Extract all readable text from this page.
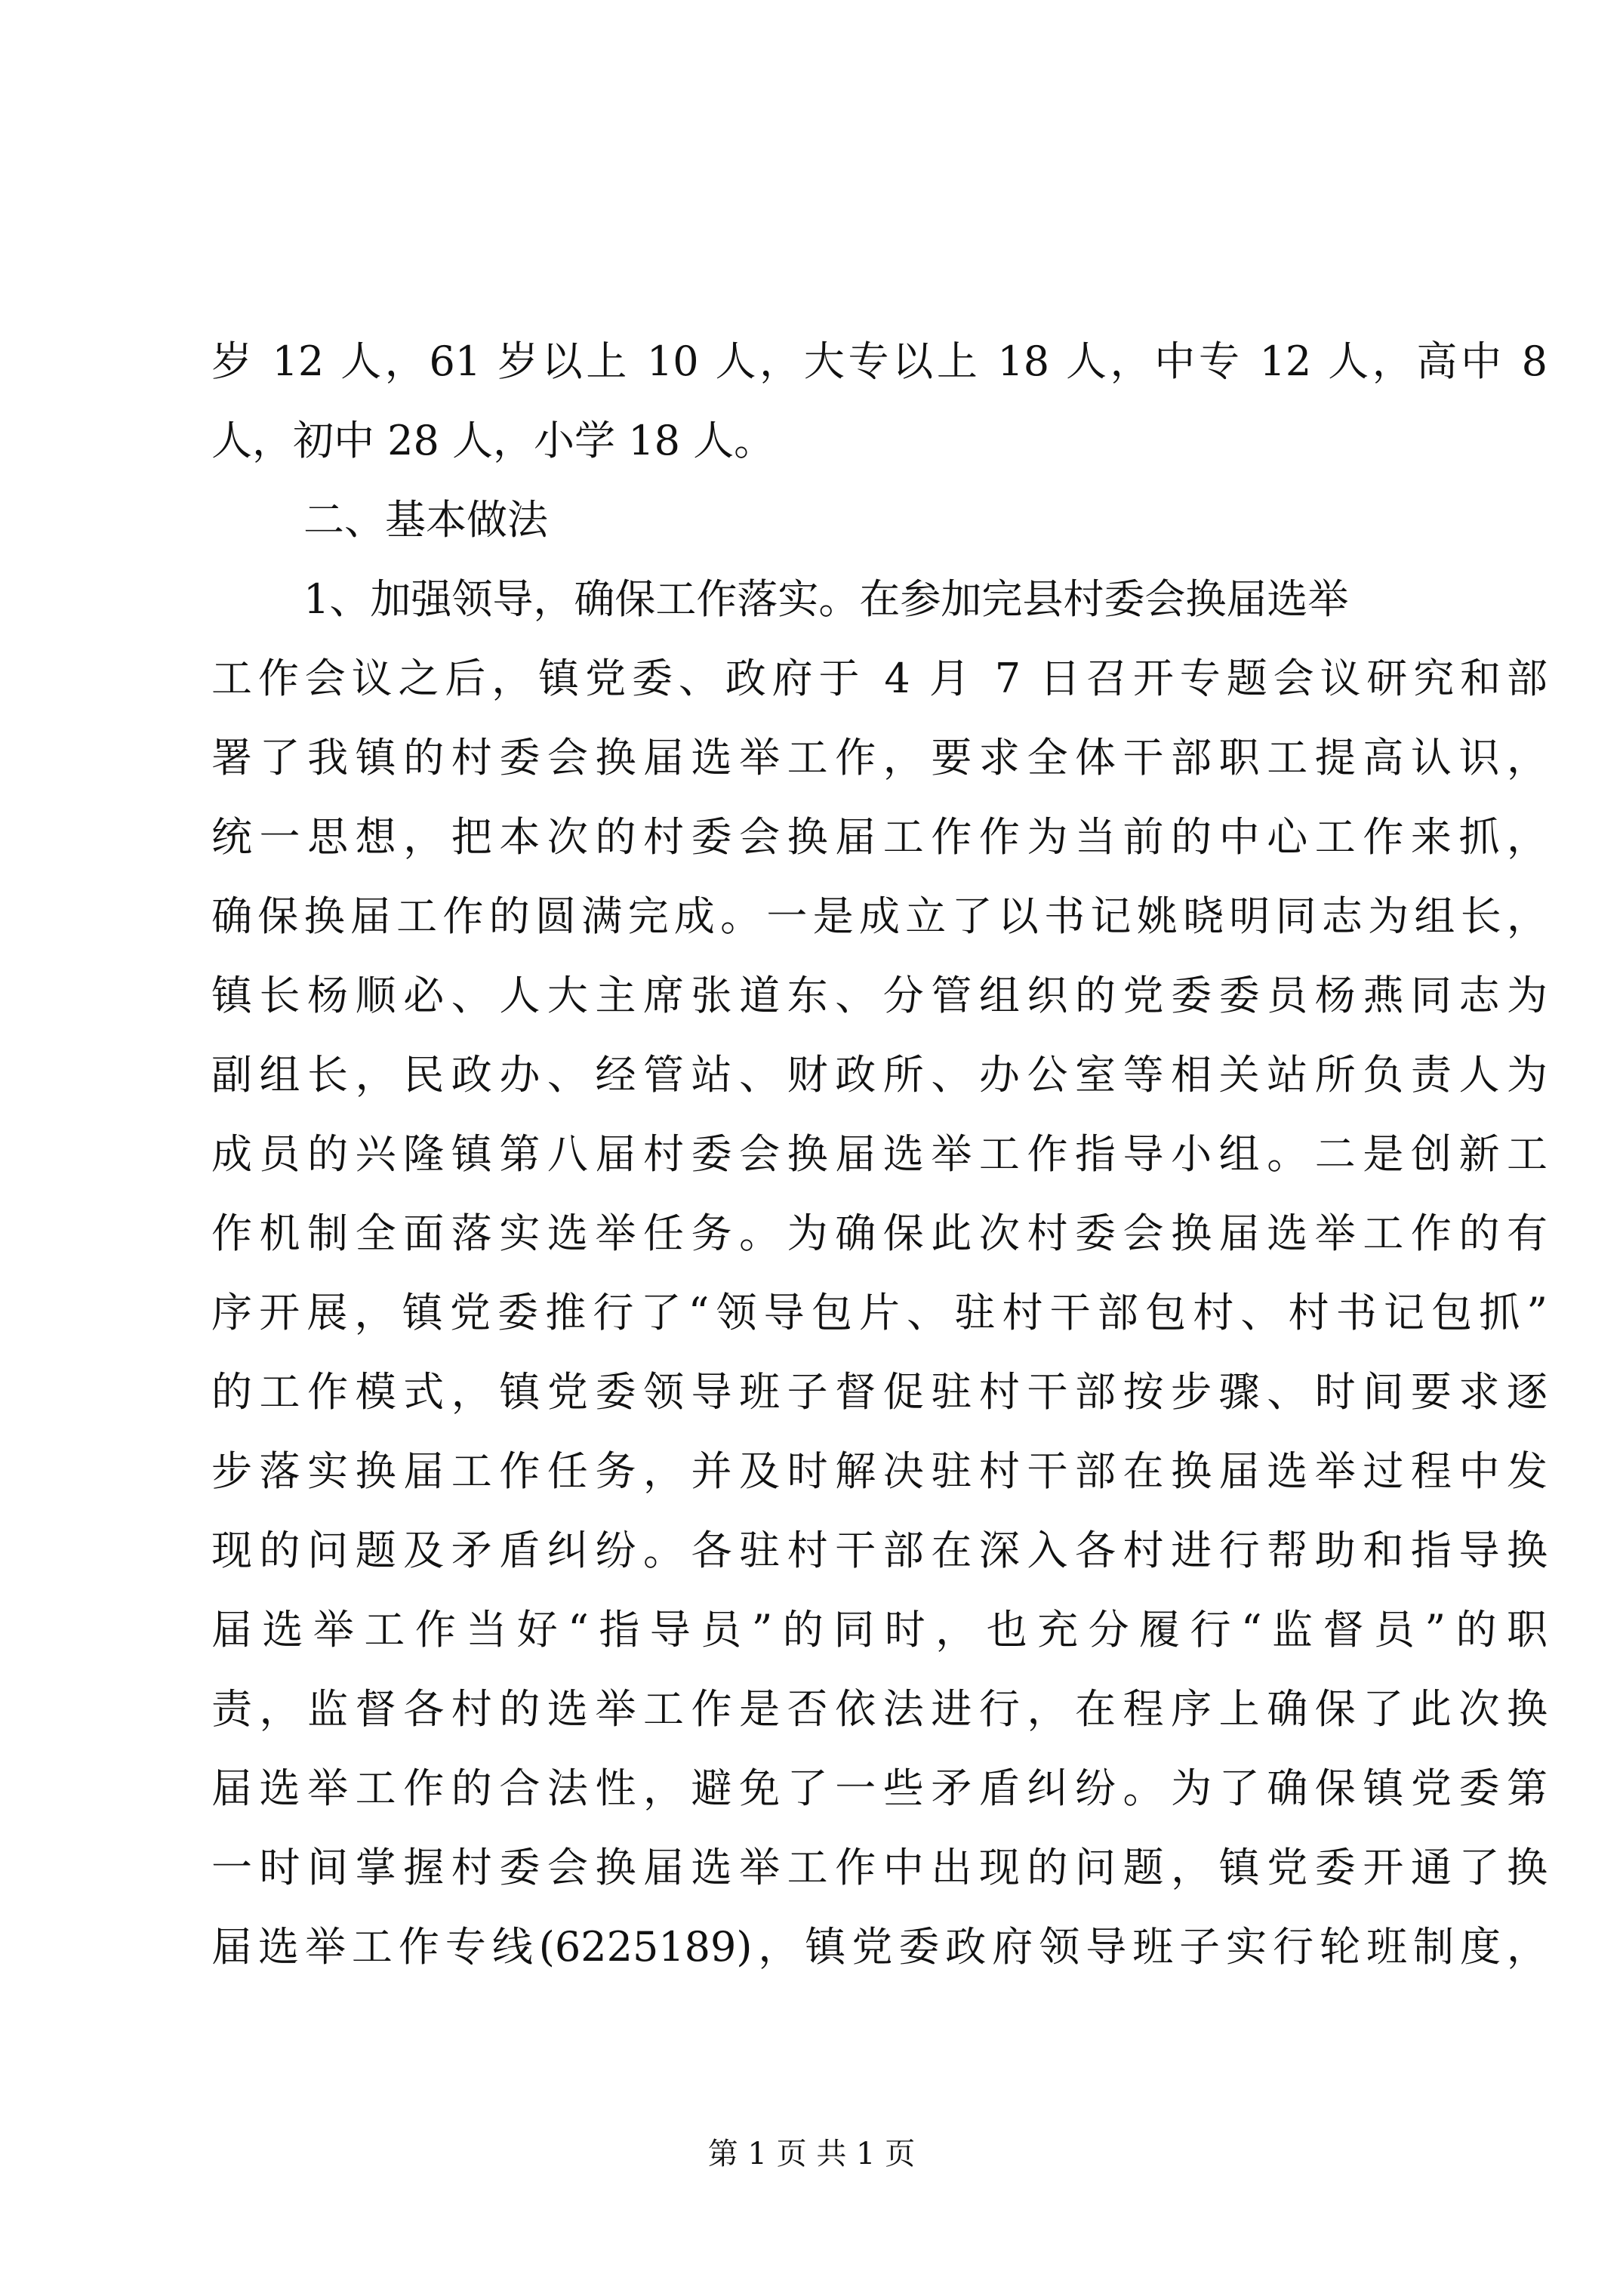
岁 12 人，61 岁以上 10 人，大专以上 18 人，中专 12 人，高中 8
人，初中 28 人，小学 18 人。
二、基本做法
1、加强领导，确保工作落实。在参加完县村委会换届选举
工作会议之后，镇党委、政府于 4 月 7 日召开专题会议研究和部
署了我镇的村委会换届选举工作，要求全体干部职工提高认识，
统一思想，把本次的村委会换届工作作为当前的中心工作来抓，
确保换届工作的圆满完成。一是成立了以书记姚晓明同志为组长，
镇长杨顺必、人大主席张道东、分管组织的党委委员杨燕同志为
副组长，民政办、经管站、财政所、办公室等相关站所负责人为
成员的兴隆镇第八届村委会换届选举工作指导小组。二是创新工
作机制全面落实选举任务。为确保此次村委会换届选举工作的有
序开展，镇党委推行了“领导包片、驻村干部包村、村书记包抓”
的工作模式，镇党委领导班子督促驻村干部按步骤、时间要求逐
步落实换届工作任务，并及时解决驻村干部在换届选举过程中发
现的问题及矛盾纠纷。各驻村干部在深入各村进行帮助和指导换
届选举工作当好“指导员”的同时，也充分履行“监督员”的职
责，监督各村的选举工作是否依法进行，在程序上确保了此次换
届选举工作的合法性，避免了一些矛盾纠纷。为了确保镇党委第
一时间掌握村委会换届选举工作中出现的问题，镇党委开通了换
届选举工作专线(6225189)，镇党委政府领导班子实行轮班制度，
第 1 页 共 1 页
